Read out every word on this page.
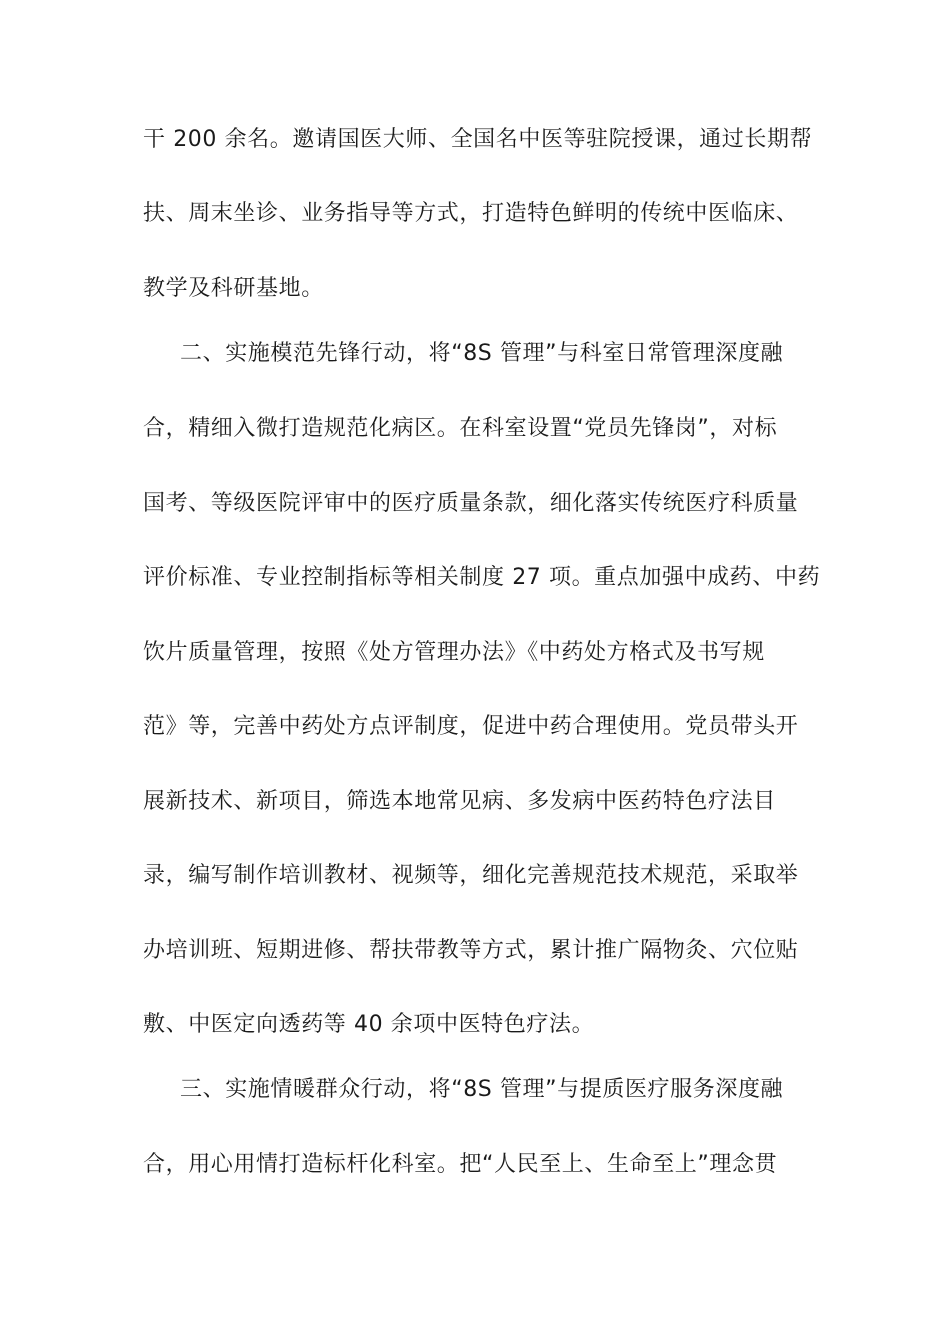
干 200 余名。邀请国医大师、全国名中医等驻院授课，通过长期帮
扶、周末坐诊、业务指导等方式，打造特色鲜明的传统中医临床、
教学及科研基地。
二、实施模范先锋行动，将“8S 管理”与科室日常管理深度融
合，精细入微打造规范化病区。在科室设置“党员先锋岗”，对标
国考、等级医院评审中的医疗质量条款，细化落实传统医疗科质量
评价标准、专业控制指标等相关制度 27 项。重点加强中成药、中药
饮片质量管理，按照《处方管理办法》《中药处方格式及书写规
范》等，完善中药处方点评制度，促进中药合理使用。党员带头开
展新技术、新项目，筛选本地常见病、多发病中医药特色疗法目
录，编写制作培训教材、视频等，细化完善规范技术规范，采取举
办培训班、短期进修、帮扶带教等方式，累计推广隔物灸、穴位贴
敷、中医定向透药等 40 余项中医特色疗法。
三、实施情暖群众行动，将“8S 管理”与提质医疗服务深度融
合，用心用情打造标杆化科室。把“人民至上、生命至上”理念贯
